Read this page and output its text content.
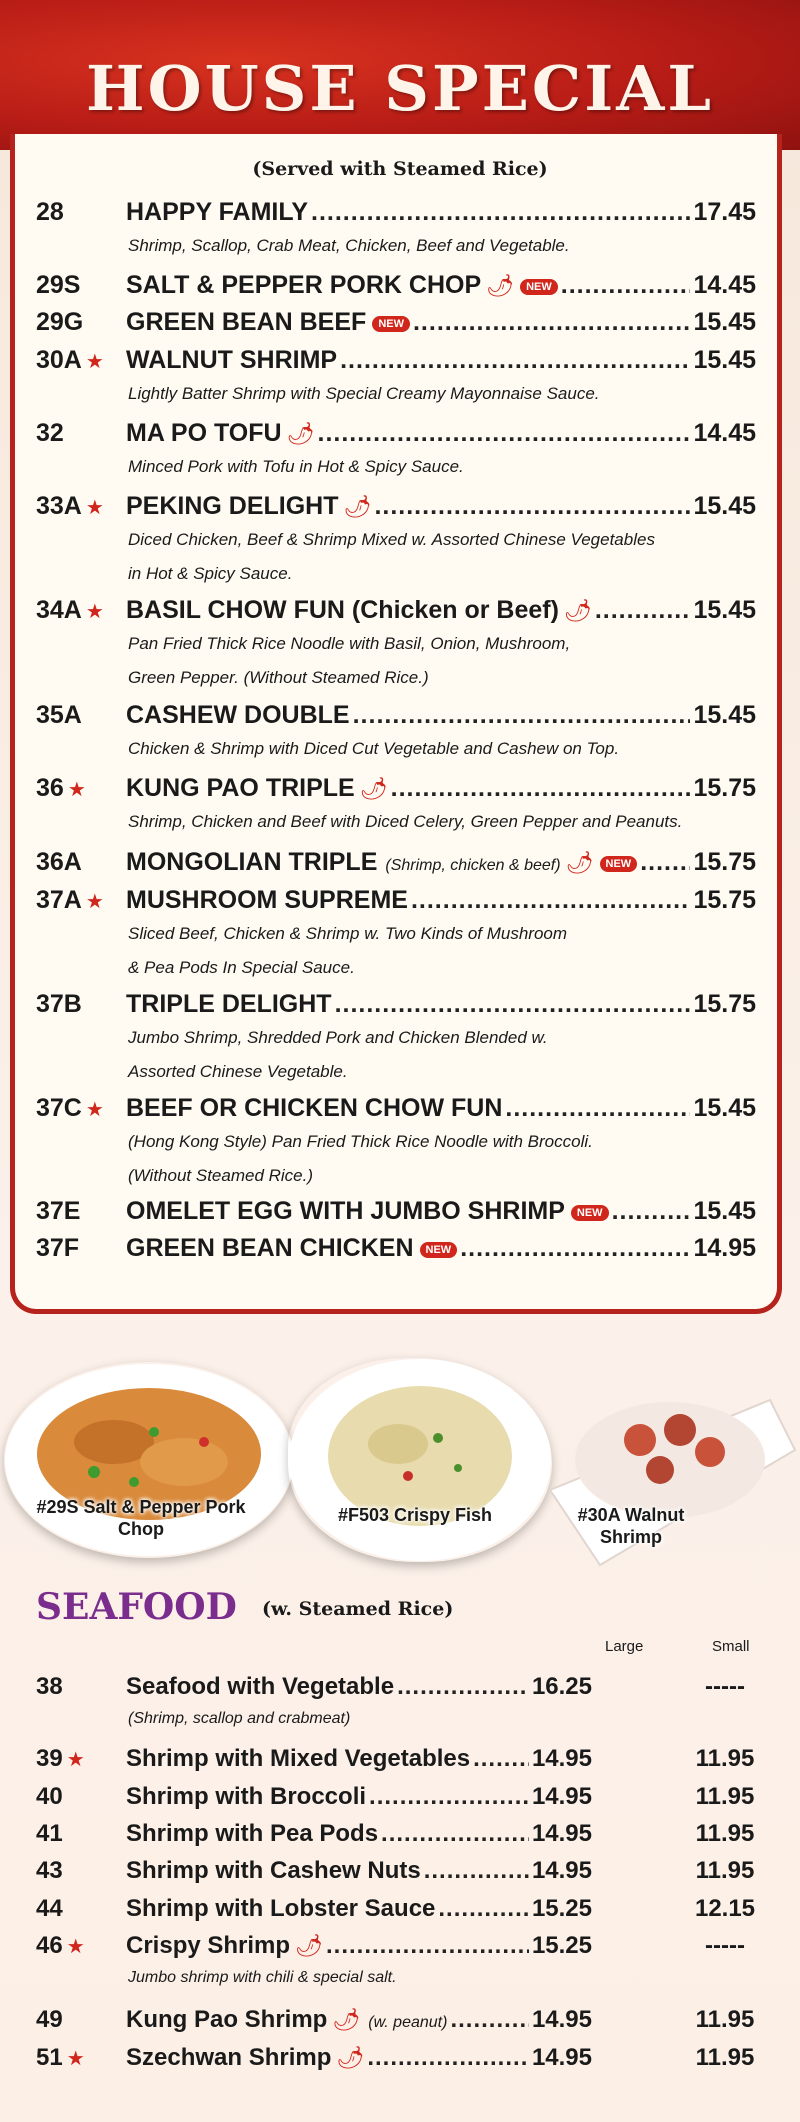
HOUSE SPECIAL
(Served with Steamed Rice)
28 HAPPY FAMILY .....	17.45
Shrimp, Scallop, Crab Meat, Chicken, Beef and Vegetable.
29S SALT & PEPPER PORK CHOP 🌶	NEW .....	14.45
29G GREEN BEAN BEEF	NEW .....	15.45
30A ★ WALNUT SHRIMP .....	15.45
Lightly Batter Shrimp with Special Creamy Mayonnaise Sauce.
32 MA PO TOFU 🌶 .....	14.45
Minced Pork with Tofu in Hot & Spicy Sauce.
33A ★ PEKING DELIGHT 🌶 .....	15.45
Diced Chicken, Beef & Shrimp Mixed w. Assorted Chinese Vegetables
in Hot & Spicy Sauce.
34A ★ BASIL CHOW FUN (Chicken or Beef) 🌶 .....	15.45
Pan Fried Thick Rice Noodle with Basil, Onion, Mushroom,
Green Pepper. (Without Steamed Rice.)
35A CASHEW DOUBLE .....	15.45
Chicken & Shrimp with Diced Cut Vegetable and Cashew on Top.
36 ★ KUNG PAO TRIPLE 🌶 .....	15.75
Shrimp, Chicken and Beef with Diced Celery, Green Pepper and Peanuts.
36A MONGOLIAN TRIPLE (Shrimp, chicken & beef) 🌶	NEW ..... 15.75
37A ★ MUSHROOM SUPREME .....	15.75
Sliced Beef, Chicken & Shrimp w. Two Kinds of Mushroom
& Pea Pods In Special Sauce.
37B TRIPLE DELIGHT .....	15.75
Jumbo Shrimp, Shredded Pork and Chicken Blended w.
Assorted Chinese Vegetable.
37C ★ BEEF OR CHICKEN CHOW FUN .....	15.45
(Hong Kong Style) Pan Fried Thick Rice Noodle with Broccoli.
(Without Steamed Rice.)
37E OMELET EGG WITH JUMBO SHRIMP	NEW .....	15.45
37F GREEN BEAN CHICKEN	NEW .....	14.95
#29S Salt & Pepper Pork Chop
#F503 Crispy Fish	#30A Walnut Shrimp
SEAFOOD (w. Steamed Rice)
Large	Small
38	Seafood with Vegetable .....	16.25	-----
(Shrimp, scallop and crabmeat)
39 ★ Shrimp with Mixed Vegetables .....	14.95	11.95
40	Shrimp with Broccoli .....	14.95	11.95
41	Shrimp with Pea Pods .....	14.95	11.95
43	Shrimp with Cashew Nuts .....	14.95	11.95
44	Shrimp with Lobster Sauce .....	15.25	12.15
46 ★ Crispy Shrimp 🌶 .....	15.25	-----
Jumbo shrimp with chili & special salt.
49	Kung Pao Shrimp 🌶 (w. peanut) .....	14.95	11.95
51 ★ Szechwan Shrimp 🌶 .....	14.95	11.95
